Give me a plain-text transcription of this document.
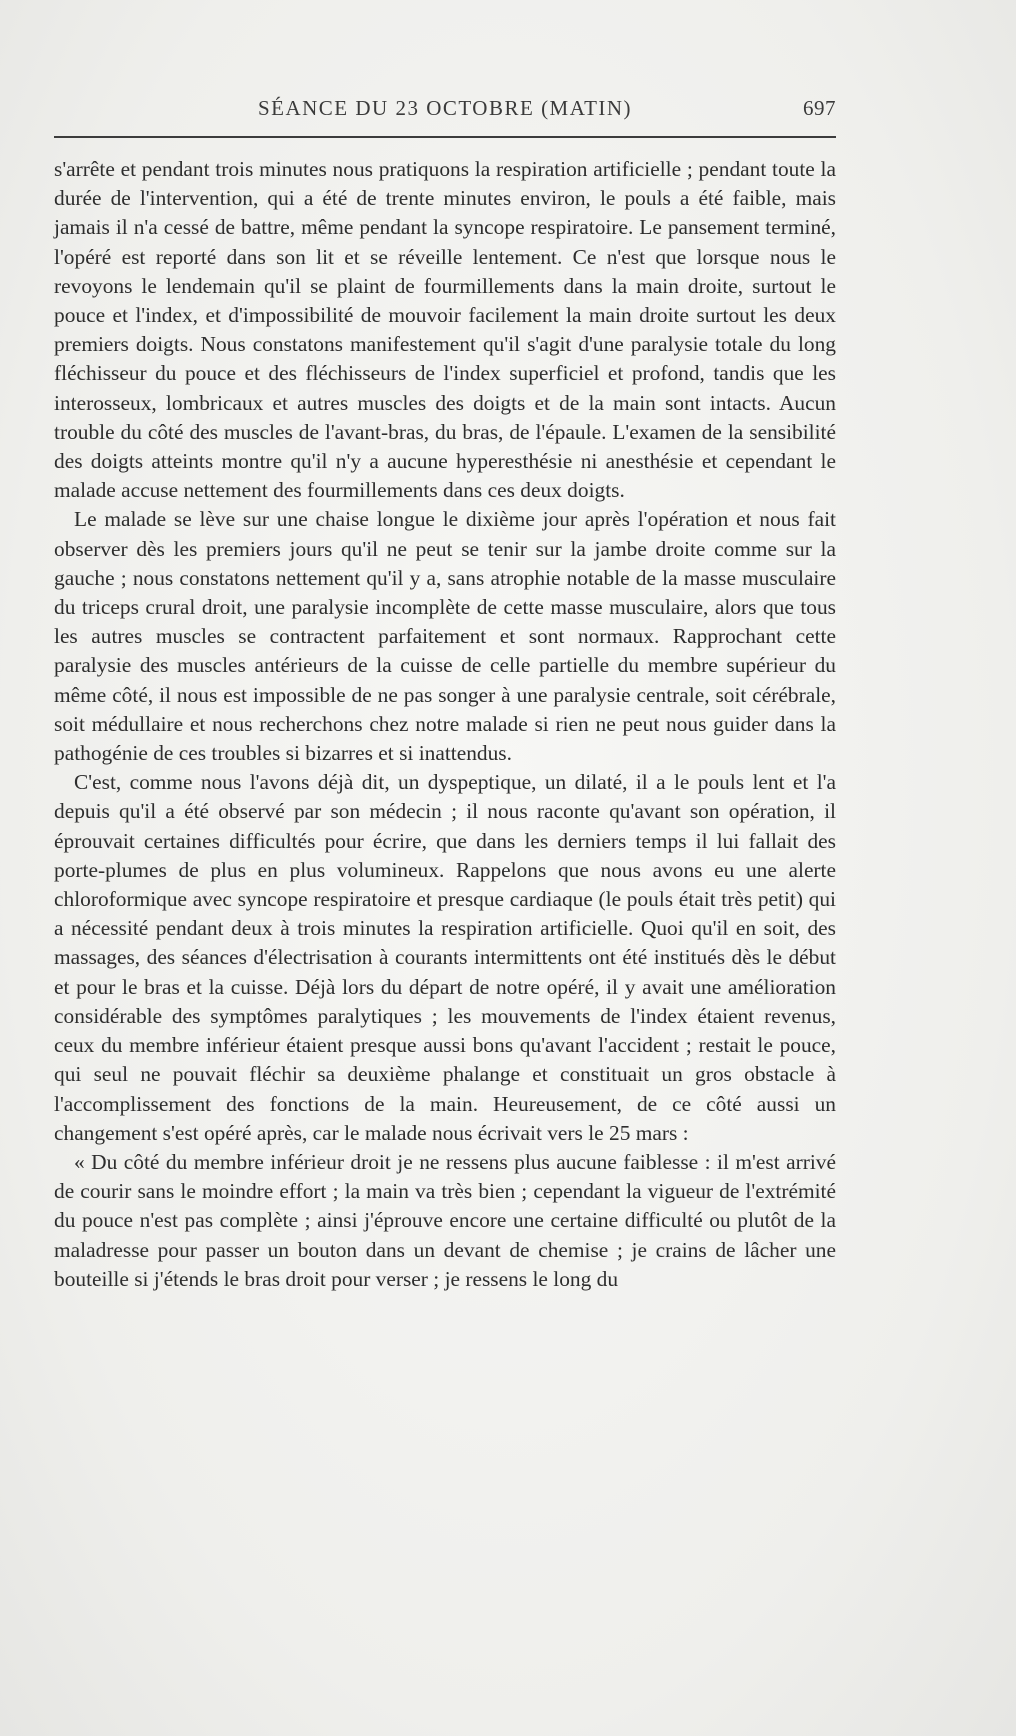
SÉANCE DU 23 OCTOBRE (MATIN)	697

s'arrête et pendant trois minutes nous pratiquons la respiration artificielle ; pendant toute la durée de l'intervention, qui a été de trente minutes environ, le pouls a été faible, mais jamais il n'a cessé de battre, même pendant la syncope respiratoire. Le pansement terminé, l'opéré est reporté dans son lit et se réveille lentement. Ce n'est que lorsque nous le revoyons le lendemain qu'il se plaint de fourmillements dans la main droite, surtout le pouce et l'index, et d'impossibilité de mouvoir facilement la main droite surtout les deux premiers doigts. Nous constatons manifestement qu'il s'agit d'une paralysie totale du long fléchisseur du pouce et des fléchisseurs de l'index superficiel et profond, tandis que les interosseux, lombricaux et autres muscles des doigts et de la main sont intacts. Aucun trouble du côté des muscles de l'avant-bras, du bras, de l'épaule. L'examen de la sensibilité des doigts atteints montre qu'il n'y a aucune hyperesthésie ni anesthésie et cependant le malade accuse nettement des fourmillements dans ces deux doigts.

Le malade se lève sur une chaise longue le dixième jour après l'opération et nous fait observer dès les premiers jours qu'il ne peut se tenir sur la jambe droite comme sur la gauche ; nous constatons nettement qu'il y a, sans atrophie notable de la masse musculaire du triceps crural droit, une paralysie incomplète de cette masse musculaire, alors que tous les autres muscles se contractent parfaitement et sont normaux. Rapprochant cette paralysie des muscles antérieurs de la cuisse de celle partielle du membre supérieur du même côté, il nous est impossible de ne pas songer à une paralysie centrale, soit cérébrale, soit médullaire et nous recherchons chez notre malade si rien ne peut nous guider dans la pathogénie de ces troubles si bizarres et si inattendus.

C'est, comme nous l'avons déjà dit, un dyspeptique, un dilaté, il a le pouls lent et l'a depuis qu'il a été observé par son médecin ; il nous raconte qu'avant son opération, il éprouvait certaines difficultés pour écrire, que dans les derniers temps il lui fallait des porte-plumes de plus en plus volumineux. Rappelons que nous avons eu une alerte chloroformique avec syncope respiratoire et presque cardiaque (le pouls était très petit) qui a nécessité pendant deux à trois minutes la respiration artificielle. Quoi qu'il en soit, des massages, des séances d'électrisation à courants intermittents ont été institués dès le début et pour le bras et la cuisse. Déjà lors du départ de notre opéré, il y avait une amélioration considérable des symptômes paralytiques ; les mouvements de l'index étaient revenus, ceux du membre inférieur étaient presque aussi bons qu'avant l'accident ; restait le pouce, qui seul ne pouvait fléchir sa deuxième phalange et constituait un gros obstacle à l'accomplissement des fonctions de la main. Heureusement, de ce côté aussi un changement s'est opéré après, car le malade nous écrivait vers le 25 mars :

« Du côté du membre inférieur droit je ne ressens plus aucune faiblesse : il m'est arrivé de courir sans le moindre effort ; la main va très bien ; cependant la vigueur de l'extrémité du pouce n'est pas complète ; ainsi j'éprouve encore une certaine difficulté ou plutôt de la maladresse pour passer un bouton dans un devant de chemise ; je crains de lâcher une bouteille si j'étends le bras droit pour verser ; je ressens le long du
